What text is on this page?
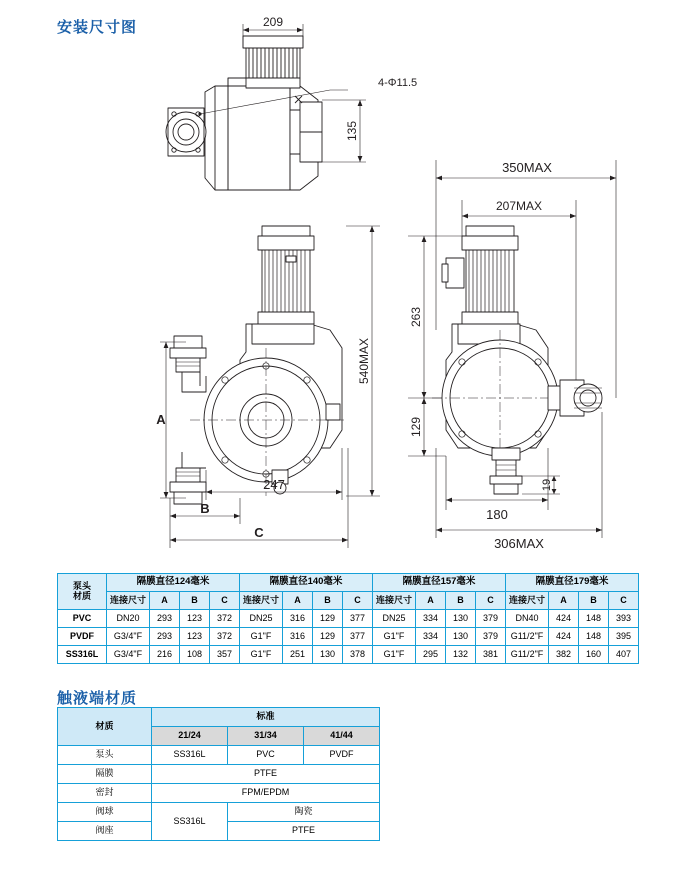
安装尺寸图
触液端材质
209
4-Φ11.5
135
350MAX
207MAX
540MAX
263
129
19
180
306MAX
247
A
B
C
泵头
材质	隔膜直径124毫米				隔膜直径140毫米				隔膜直径157毫米				隔膜直径179毫米			
	连接尺寸	A	B	C	连接尺寸	A	B	C	连接尺寸	A	B	C	连接尺寸	A	B	C
PVC	DN20	293	123	372	DN25	316	129	377	DN25	334	130	379	DN40	424	148	393
PVDF	G3/4"F	293	123	372	G1"F	316	129	377	G1"F	334	130	379	G11/2"F	424	148	395
SS316L	G3/4"F	216	108	357	G1"F	251	130	378	G1"F	295	132	381	G11/2"F	382	160	407
材质	标准		
	21/24	31/34	41/44
泵头	SS316L	PVC	PVDF
隔膜	PTFE		
密封	FPM/EPDM		
阀球	SS316L	陶瓷	
阀座		PTFE	
